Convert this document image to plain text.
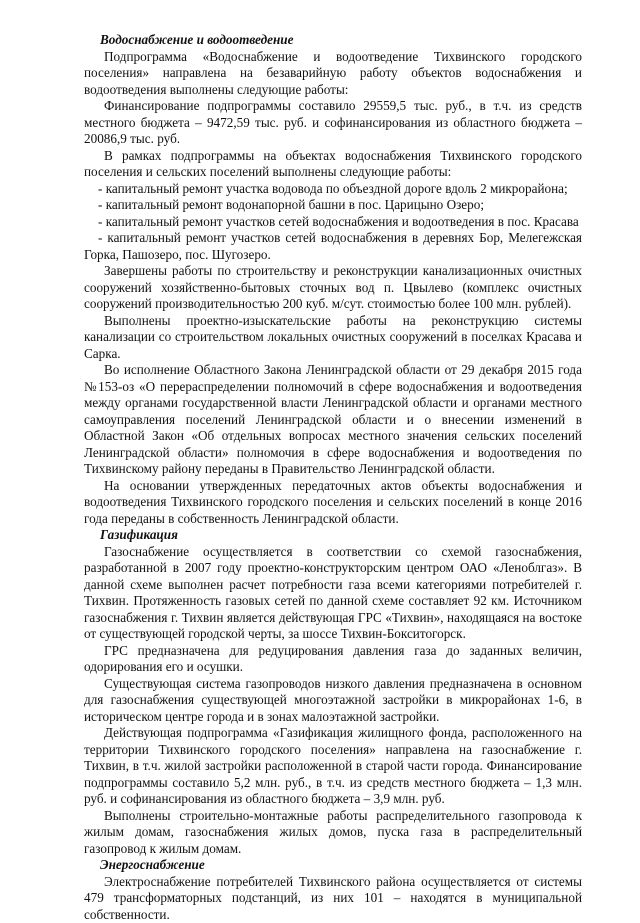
Водоснабжение и водоотведение

Подпрограмма «Водоснабжение и водоотведение Тихвинского городского поселения» направлена на безаварийную работу объектов водоснабжения и водоотведения выполнены следующие работы:

Финансирование подпрограммы составило 29559,5 тыс. руб., в т.ч. из средств местного бюджета – 9472,59 тыс. руб. и софинансирования из областного бюджета – 20086,9 тыс. руб.

В рамках подпрограммы на объектах водоснабжения Тихвинского городского поселения и сельских поселений выполнены следующие работы:

- капитальный ремонт участка водовода по объездной дороге вдоль 2 микрорайона;

- капитальный ремонт водонапорной башни в пос. Царицыно Озеро;

- капитальный ремонт участков сетей водоснабжения и водоотведения в пос. Красава

- капитальный ремонт участков сетей водоснабжения в деревнях Бор, Мелегежская Горка, Пашозеро, пос. Шугозеро.

Завершены работы по строительству и реконструкции канализационных очистных сооружений хозяйственно-бытовых сточных вод п. Цвылево (комплекс очистных сооружений производительностью 200 куб. м/сут. стоимостью более 100 млн. рублей).

Выполнены проектно-изыскательские работы на реконструкцию системы канализации со строительством локальных очистных сооружений в поселках Красава и Сарка.

Во исполнение Областного Закона Ленинградской области от 29 декабря 2015 года №153-оз «О перераспределении полномочий в сфере водоснабжения и водоотведения между органами государственной власти Ленинградской области и органами местного самоуправления поселений Ленинградской области и о внесении изменений в Областной Закон «Об отдельных вопросах местного значения сельских поселений Ленинградской области» полномочия в сфере водоснабжения и водоотведения по Тихвинскому району переданы в Правительство Ленинградской области.

На основании утвержденных передаточных актов объекты водоснабжения и водоотведения Тихвинского городского поселения и сельских поселений в конце 2016 года переданы в собственность Ленинградской области.

Газификация

Газоснабжение осуществляется в соответствии со схемой газоснабжения, разработанной в 2007 году проектно-конструкторским центром ОАО «Леноблгаз». В данной схеме выполнен расчет потребности газа всеми категориями потребителей г. Тихвин. Протяженность газовых сетей по данной схеме составляет 92 км. Источником газоснабжения г. Тихвин является действующая ГРС «Тихвин», находящаяся на востоке от существующей городской черты, за шоссе Тихвин-Бокситогорск.

ГРС предназначена для редуцирования давления газа до заданных величин, одорирования его и осушки.

Существующая система газопроводов низкого давления предназначена в основном для газоснабжения существующей многоэтажной застройки в микрорайонах 1-6, в историческом центре города и в зонах малоэтажной застройки.

Действующая подпрограмма «Газификация жилищного фонда, расположенного на территории Тихвинского городского поселения» направлена на газоснабжение г. Тихвин, в т.ч. жилой застройки расположенной в старой части города. Финансирование подпрограммы составило 5,2 млн. руб., в т.ч. из средств местного бюджета – 1,3 млн. руб. и софинансирования из областного бюджета – 3,9 млн. руб.

Выполнены строительно-монтажные работы распределительного газопровода к жилым домам, газоснабжения жилых домов, пуска газа в распределительный газопровод к жилым домам.

Энергоснабжение

Электроснабжение потребителей Тихвинского района осуществляется от системы 479 трансформаторных подстанций, из них 101 – находятся в муниципальной собственности.
